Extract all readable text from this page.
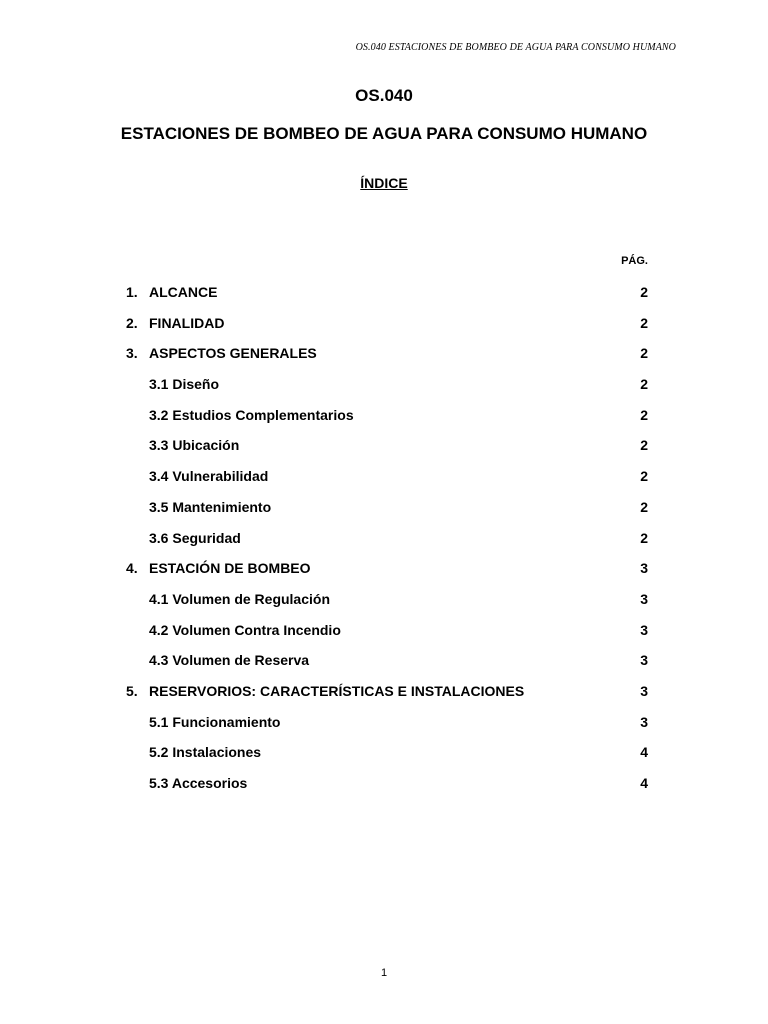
OS.040 ESTACIONES DE BOMBEO DE AGUA PARA CONSUMO HUMANO
OS.040
ESTACIONES DE BOMBEO DE AGUA PARA CONSUMO HUMANO
ÍNDICE
PÁG.
1. ALCANCE	2
2. FINALIDAD	2
3. ASPECTOS GENERALES	2
3.1 Diseño	2
3.2 Estudios Complementarios	2
3.3 Ubicación	2
3.4 Vulnerabilidad	2
3.5 Mantenimiento	2
3.6 Seguridad	2
4. ESTACIÓN DE BOMBEO	3
4.1 Volumen de Regulación	3
4.2 Volumen Contra Incendio	3
4.3 Volumen de Reserva	3
5. RESERVORIOS: CARACTERÍSTICAS E INSTALACIONES	3
5.1 Funcionamiento	3
5.2 Instalaciones	4
5.3 Accesorios	4
1
